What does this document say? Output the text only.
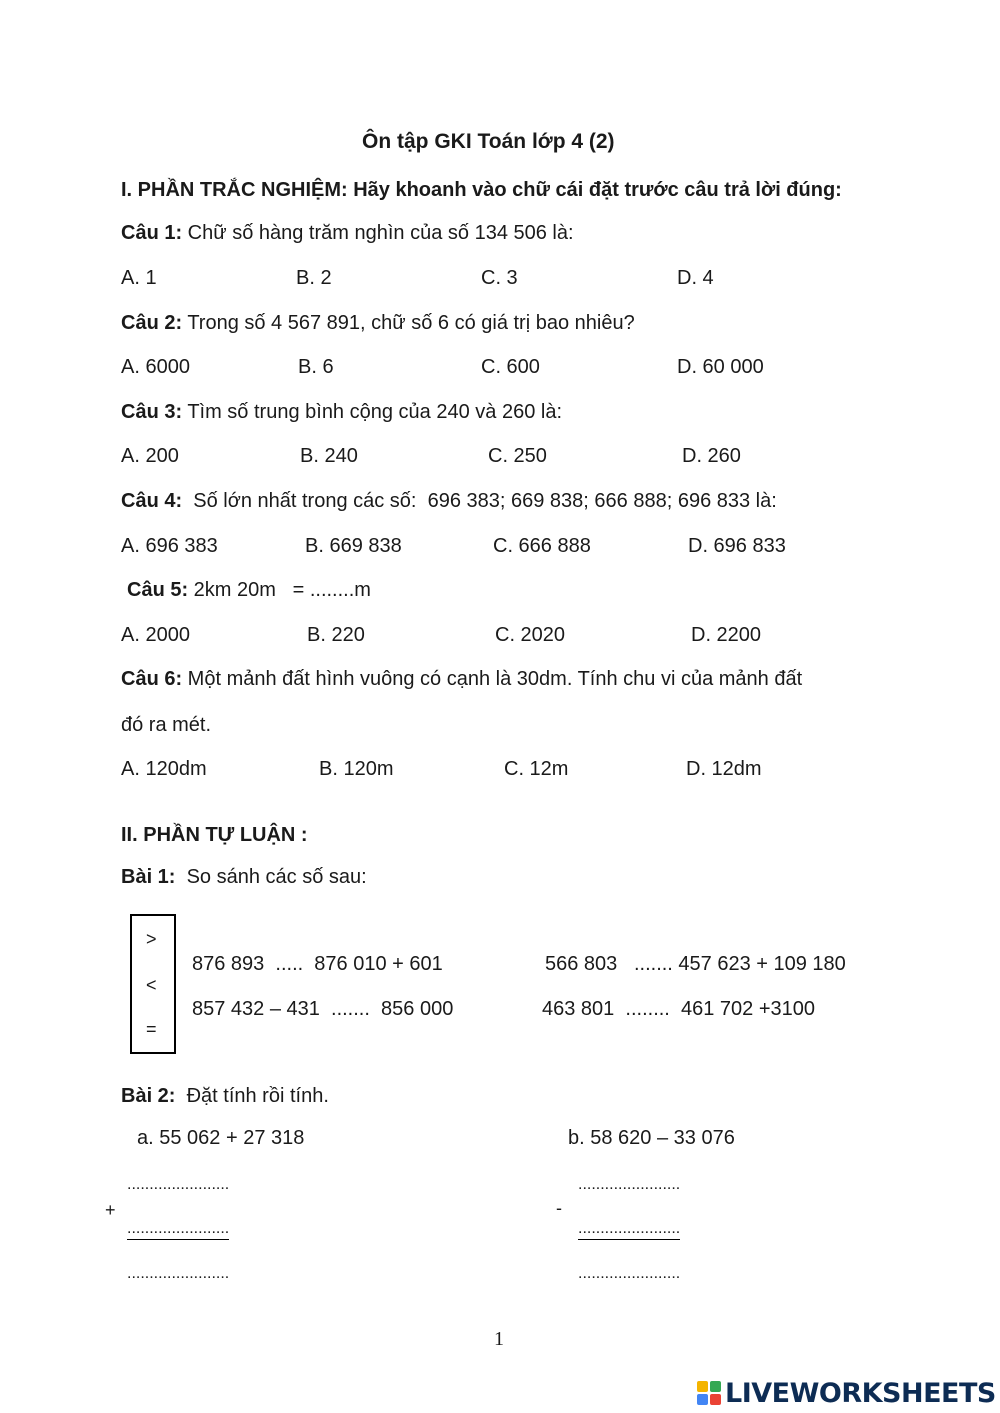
Ôn tập GKI Toán lớp 4 (2)
I. PHẦN TRẮC NGHIỆM: Hãy khoanh vào chữ cái đặt trước câu trả lời đúng:
Câu 1: Chữ số hàng trăm nghìn của số 134 506 là:
A. 1	B. 2	C. 3	D. 4
Câu 2: Trong số 4 567 891, chữ số 6 có giá trị bao nhiêu?
A. 6000	B. 6	C. 600	D. 60 000
Câu 3: Tìm số trung bình cộng của 240 và 260 là:
A. 200	B. 240	C. 250	D. 260
Câu 4:  Số lớn nhất trong các số:  696 383; 669 838; 666 888; 696 833 là:
A. 696 383	B. 669 838	C. 666 888	D. 696 833
Câu 5: 2km 20m   = ........m
A. 2000	B. 220	C. 2020	D. 2200
Câu 6: Một mảnh đất hình vuông có cạnh là 30dm. Tính chu vi của mảnh đất
đó ra mét.
A. 120dm	B. 120m	C. 12m	D. 12dm
II. PHẦN TỰ LUẬN :
Bài 1:  So sánh các số sau:
>
<
=
876 893  .....  876 010 + 601	566 803   ....... 457 623 + 109 180
857 432 – 431  .......  856 000	463 801  ........  461 702 +3100
Bài 2:  Đặt tính rồi tính.
a. 55 062 + 27 318	b. 58 620 – 33 076
.......................
+
.......................
.......................
.......................
-
.......................
.......................
1
LIVEWORKSHEETS
